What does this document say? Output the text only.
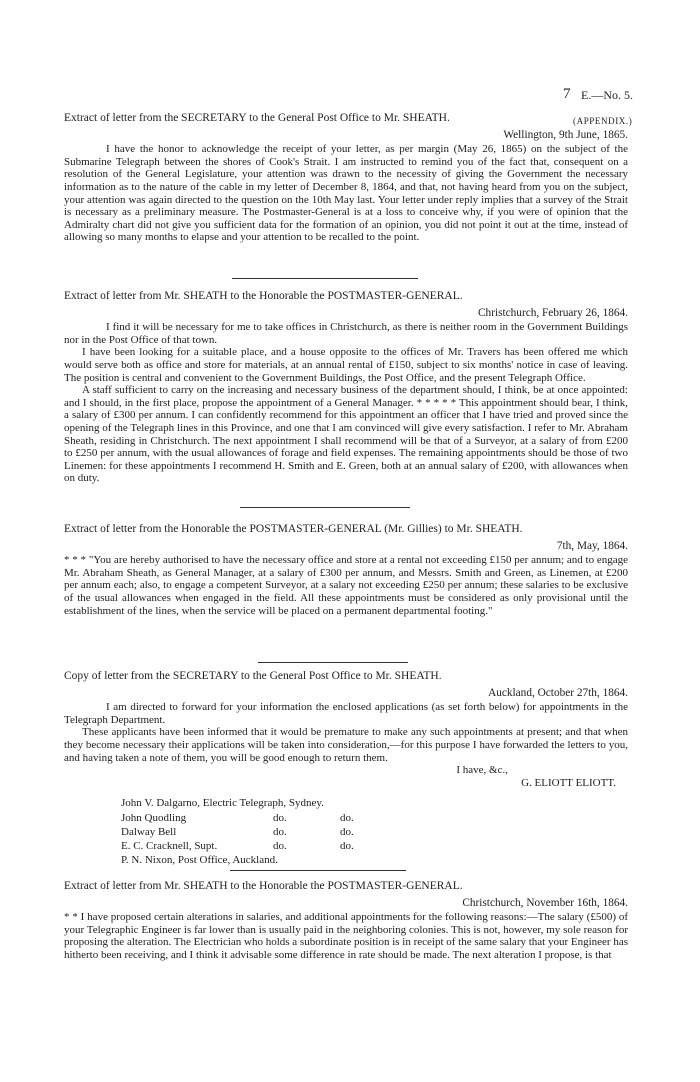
7 E.—No. 5.
(APPENDIX.)

Extract of letter from the SECRETARY to the General Post Office to Mr. SHEATH.

Wellington, 9th June, 1865.

I have the honor to acknowledge the receipt of your letter, as per margin (May 26, 1865) on the subject of the Submarine Telegraph between the shores of Cook's Strait. I am instructed to remind you of the fact that, consequent on a resolution of the General Legislature, your attention was drawn to the necessity of giving the Government the necessary information as to the nature of the cable in my letter of December 8, 1864, and that, not having heard from you on the subject, your attention was again directed to the question on the 10th May last. Your letter under reply implies that a survey of the Strait is necessary as a preliminary measure. The Postmaster-General is at a loss to conceive why, if you were of opinion that the Admiralty chart did not give you sufficient data for the formation of an opinion, you did not point it out at the time, instead of allowing so many months to elapse and your attention to be recalled to the point.

Extract of letter from Mr. SHEATH to the Honorable the POSTMASTER-GENERAL.

Christchurch, February 26, 1864.

I find it will be necessary for me to take offices in Christchurch, as there is neither room in the Government Buildings nor in the Post Office of that town.

I have been looking for a suitable place, and a house opposite to the offices of Mr. Travers has been offered me which would serve both as office and store for materials, at an annual rental of £150, subject to six months' notice in case of leaving. The position is central and convenient to the Government Buildings, the Post Office, and the present Telegraph Office.

A staff sufficient to carry on the increasing and necessary business of the department should, I think, be at once appointed: and I should, in the first place, propose the appointment of a General Manager. * * * * * This appointment should bear, I think, a salary of £300 per annum. I can confidently recommend for this appointment an officer that I have tried and proved since the opening of the Telegraph lines in this Province, and one that I am convinced will give every satisfaction. I refer to Mr. Abraham Sheath, residing in Christchurch. The next appointment I shall recommend will be that of a Surveyor, at a salary of from £200 to £250 per annum, with the usual allowances of forage and field expenses. The remaining appointments should be those of two Linemen: for these appointments I recommend H. Smith and E. Green, both at an annual salary of £200, with allowances when on duty.

Extract of letter from the Honorable the POSTMASTER-GENERAL (Mr. Gillies) to Mr. SHEATH.

7th, May, 1864.

* * * "You are hereby authorised to have the necessary office and store at a rental not exceeding £150 per annum; and to engage Mr. Abraham Sheath, as General Manager, at a salary of £300 per annum, and Messrs. Smith and Green, as Linemen, at £200 per annum each; also, to engage a competent Surveyor, at a salary not exceeding £250 per annum; these salaries to be exclusive of the usual allowances when engaged in the field. All these appointments must be considered as only provisional until the establishment of the lines, when the service will be placed on a permanent departmental footing."

Copy of letter from the SECRETARY to the General Post Office to Mr. SHEATH.

Auckland, October 27th, 1864.

I am directed to forward for your information the enclosed applications (as set forth below) for appointments in the Telegraph Department.

These applicants have been informed that it would be premature to make any such appointments at present; and that when they become necessary their applications will be taken into consideration,—for this purpose I have forwarded the letters to you, and having taken a note of them, you will be good enough to return them.

I have, &c.,
G. ELIOTT ELIOTT.
John V. Dalgarno, Electric Telegraph, Sydney.		
John Quodling	do.	do.
Dalway Bell	do.	do.
E. C. Cracknell, Supt.	do.	do.
P. N. Nixon, Post Office, Auckland.		

Extract of letter from Mr. SHEATH to the Honorable the POSTMASTER-GENERAL.

Christchurch, November 16th, 1864.

* * I have proposed certain alterations in salaries, and additional appointments for the following reasons:—The salary (£500) of your Telegraphic Engineer is far lower than is usually paid in the neighboring colonies. This is not, however, my sole reason for proposing the alteration. The Electrician who holds a subordinate position is in receipt of the same salary that your Engineer has hitherto been receiving, and I think it advisable some difference in rate should be made. The next alteration I propose, is that
